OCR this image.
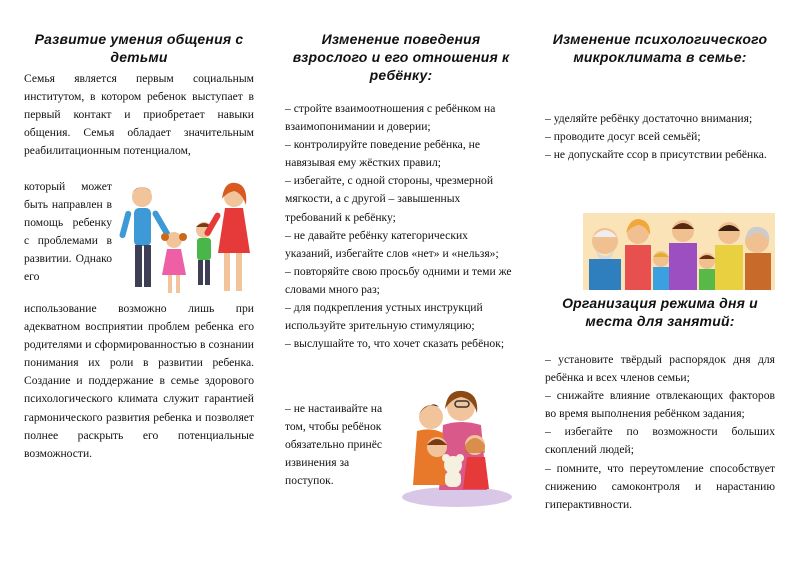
Развитие умения общения с детьми
Семья является первым социальным институтом, в котором ребенок выступает в первый контакт и приобретает навыки общения. Семья обладает значительным реабилитационным потенциалом,
который может быть направлен в помощь ребенку с проблемами в развитии. Однако его
использование возможно лишь при адекватном восприятии проблем ребенка его родителями и сформированностью в сознании понимания их роли в развитии ребенка. Создание и поддержание в семье здорового психологического климата служит гарантией гармонического развития ребенка и позволяет полнее раскрыть его потенциальные возможности.
Изменение поведения взрослого и его отношения к ребёнку:
– стройте взаимоотношения с ребёнком на взаимопонимании и доверии;
– контролируйте поведение ребёнка, не навязывая ему жёстких правил;
– избегайте, с одной стороны, чрезмерной мягкости, а с другой – завышенных требований к ребёнку;
– не давайте ребёнку категорических указаний, избегайте слов «нет» и «нельзя»;
– повторяйте свою просьбу одними и теми же словами много раз;
– для подкрепления устных инструкций используйте зрительную стимуляцию;
– выслушайте то, что хочет сказать ребёнок;
– не настаивайте на том, чтобы ребёнок обязательно принёс извинения за поступок.
Изменение психологического микроклимата в семье:
– уделяйте ребёнку достаточно внимания;
– проводите досуг всей семьёй;
– не допускайте ссор в присутствии ребёнка.
Организация режима дня и места для занятий:
– установите твёрдый распорядок дня для ребёнка и всех членов семьи;
– снижайте влияние отвлекающих факторов во время выполнения ребёнком задания;
– избегайте по возможности больших скоплений людей;
– помните, что переутомление способствует снижению самоконтроля и нарастанию гиперактивности.
